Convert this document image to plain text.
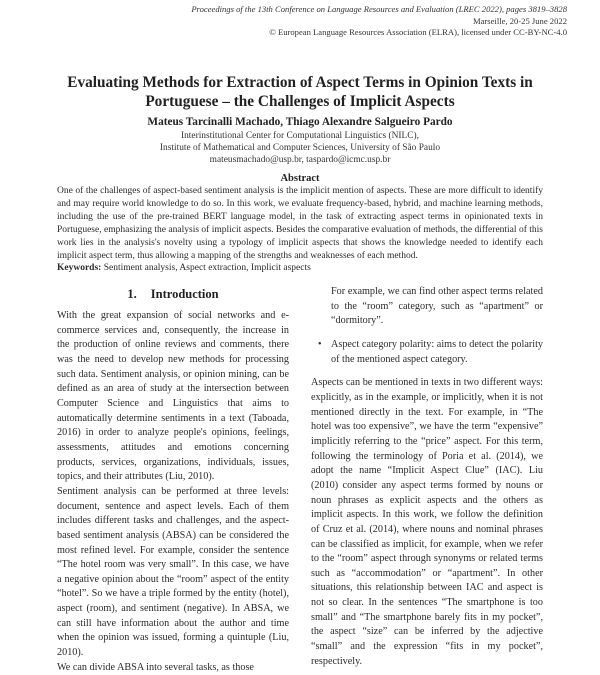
Proceedings of the 13th Conference on Language Resources and Evaluation (LREC 2022), pages 3819–3828
Marseille, 20-25 June 2022
© European Language Resources Association (ELRA), licensed under CC-BY-NC-4.0
Evaluating Methods for Extraction of Aspect Terms in Opinion Texts in
Portuguese – the Challenges of Implicit Aspects
Mateus Tarcinalli Machado, Thiago Alexandre Salgueiro Pardo
Interinstitutional Center for Computational Linguistics (NILC),
Institute of Mathematical and Computer Sciences, University of São Paulo
mateusmachado@usp.br, taspardo@icmc.usp.br
Abstract
One of the challenges of aspect-based sentiment analysis is the implicit mention of aspects. These are more difficult to identify and may require world knowledge to do so. In this work, we evaluate frequency-based, hybrid, and machine learning methods, including the use of the pre-trained BERT language model, in the task of extracting aspect terms in opinionated texts in Portuguese, emphasizing the analysis of implicit aspects. Besides the comparative evaluation of methods, the differential of this work lies in the analysis's novelty using a typology of implicit aspects that shows the knowledge needed to identify each implicit aspect term, thus allowing a mapping of the strengths and weaknesses of each method.
Keywords: Sentiment analysis, Aspect extraction, Implicit aspects
1. Introduction

With the great expansion of social networks and e-commerce services and, consequently, the increase in the production of online reviews and comments, there was the need to develop new methods for processing such data. Sentiment analysis, or opinion mining, can be defined as an area of study at the intersection between Computer Science and Linguistics that aims to automatically determine sentiments in a text (Taboada, 2016) in order to analyze people's opinions, feelings, assessments, attitudes and emotions concerning products, services, organizations, individuals, issues, topics, and their attributes (Liu, 2010).

Sentiment analysis can be performed at three levels: document, sentence and aspect levels. Each of them includes different tasks and challenges, and the aspect-based sentiment analysis (ABSA) can be considered the most refined level. For example, consider the sentence “The hotel room was very small”. In this case, we have a negative opinion about the “room” aspect of the entity “hotel”. So we have a triple formed by the entity (hotel), aspect (room), and sentiment (negative). In ABSA, we can still have information about the author and time when the opinion was issued, forming a quintuple (Liu, 2010).

We can divide ABSA into several tasks, as those

For example, we can find other aspect terms related to the “room” category, such as “apartment” or “dormitory”.

• Aspect category polarity: aims to detect the polarity of the mentioned aspect category.

Aspects can be mentioned in texts in two different ways: explicitly, as in the example, or implicitly, when it is not mentioned directly in the text. For example, in “The hotel was too expensive”, we have the term “expensive” implicitly referring to the “price” aspect. For this term, following the terminology of Poria et al. (2014), we adopt the name “Implicit Aspect Clue” (IAC). Liu (2010) consider any aspect terms formed by nouns or noun phrases as explicit aspects and the others as implicit aspects. In this work, we follow the definition of Cruz et al. (2014), where nouns and nominal phrases can be classified as implicit, for example, when we refer to the “room” aspect through synonyms or related terms such as “accommodation” or “apartment”. In other situations, this relationship between IAC and aspect is not so clear. In the sentences “The smartphone is too small” and “The smartphone barely fits in my pocket”, the aspect “size” can be inferred by the adjective “small” and the expression “fits in my pocket”, respectively.
